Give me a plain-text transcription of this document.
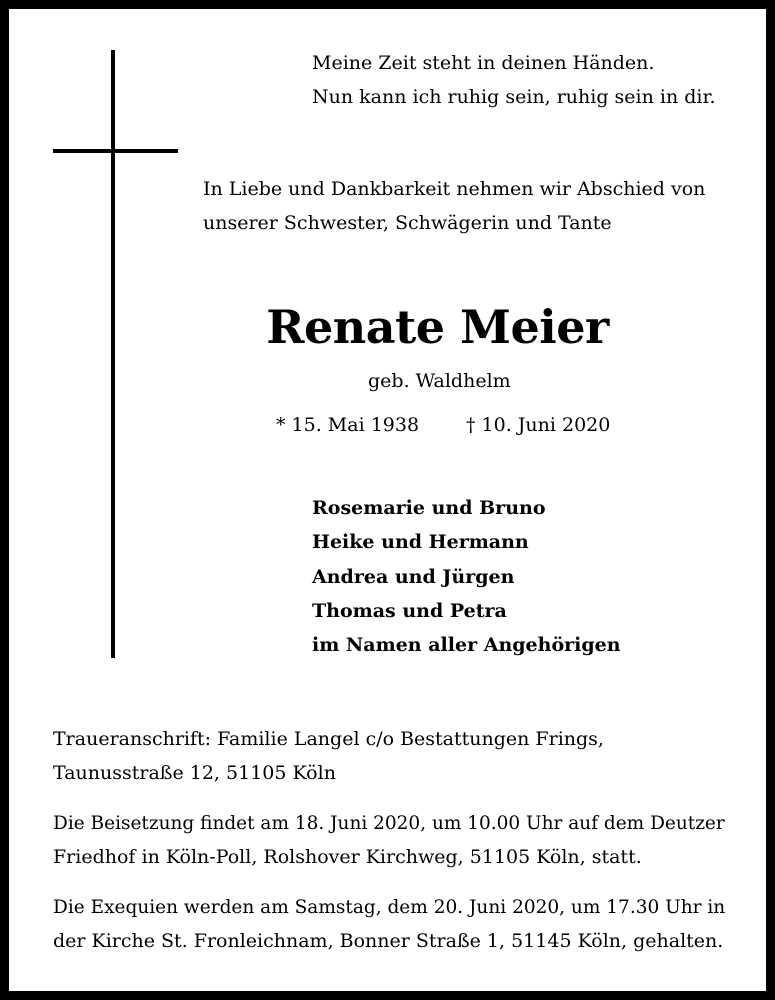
Meine Zeit steht in deinen Händen.
Nun kann ich ruhig sein, ruhig sein in dir.
In Liebe und Dankbarkeit nehmen wir Abschied von
unserer Schwester, Schwägerin und Tante
Renate Meier
geb. Waldhelm
* 15. Mai 1938 † 10. Juni 2020
Rosemarie und Bruno
Heike und Hermann
Andrea und Jürgen
Thomas und Petra
im Namen aller Angehörigen
Traueranschrift: Familie Langel c/o Bestattungen Frings,
Taunusstraße 12, 51105 Köln
Die Beisetzung findet am 18. Juni 2020, um 10.00 Uhr auf dem Deutzer
Friedhof in Köln-Poll, Rolshover Kirchweg, 51105 Köln, statt.
Die Exequien werden am Samstag, dem 20. Juni 2020, um 17.30 Uhr in
der Kirche St. Fronleichnam, Bonner Straße 1, 51145 Köln, gehalten.
